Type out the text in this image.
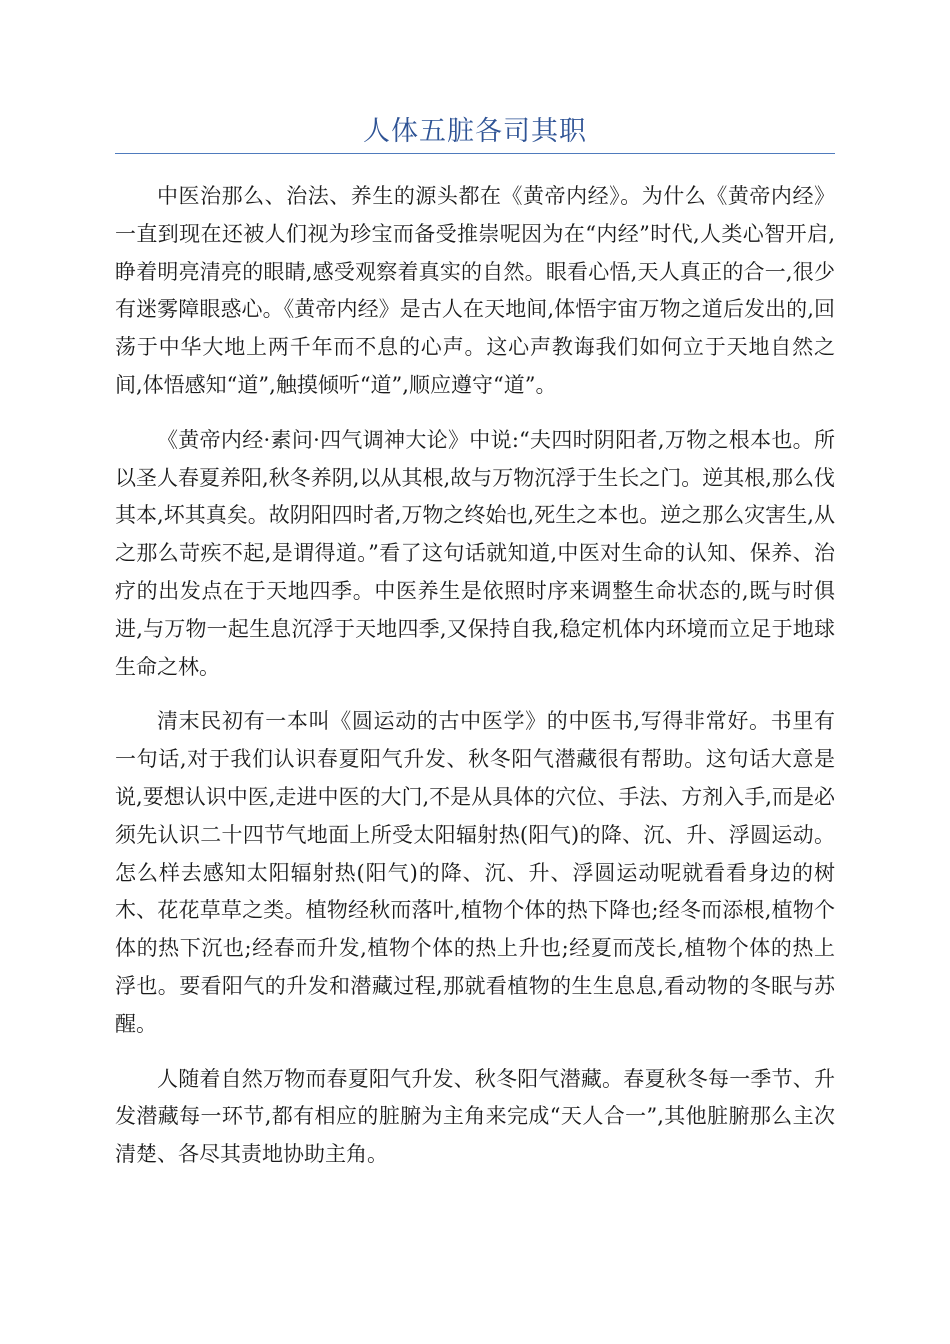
人体五脏各司其职

中医治那么、治法、养生的源头都在《黄帝内经》。为什么《黄帝内经》一直到现在还被人们视为珍宝而备受推崇呢因为在“内经”时代,人类心智开启,睁着明亮清亮的眼睛,感受观察着真实的自然。眼看心悟,天人真正的合一,很少有迷雾障眼惑心。《黄帝内经》是古人在天地间,体悟宇宙万物之道后发出的,回荡于中华大地上两千年而不息的心声。这心声教诲我们如何立于天地自然之间,体悟感知“道”,触摸倾听“道”,顺应遵守“道”。

《黄帝内经·素问·四气调神大论》中说:“夫四时阴阳者,万物之根本也。所以圣人春夏养阳,秋冬养阴,以从其根,故与万物沉浮于生长之门。逆其根,那么伐其本,坏其真矣。故阴阳四时者,万物之终始也,死生之本也。逆之那么灾害生,从之那么苛疾不起,是谓得道。”看了这句话就知道,中医对生命的认知、保养、治疗的出发点在于天地四季。中医养生是依照时序来调整生命状态的,既与时俱进,与万物一起生息沉浮于天地四季,又保持自我,稳定机体内环境而立足于地球生命之林。

清末民初有一本叫《圆运动的古中医学》的中医书,写得非常好。书里有一句话,对于我们认识春夏阳气升发、秋冬阳气潜藏很有帮助。这句话大意是说,要想认识中医,走进中医的大门,不是从具体的穴位、手法、方剂入手,而是必须先认识二十四节气地面上所受太阳辐射热(阳气)的降、沉、升、浮圆运动。怎么样去感知太阳辐射热(阳气)的降、沉、升、浮圆运动呢就看看身边的树木、花花草草之类。植物经秋而落叶,植物个体的热下降也;经冬而添根,植物个体的热下沉也;经春而升发,植物个体的热上升也;经夏而茂长,植物个体的热上浮也。要看阳气的升发和潜藏过程,那就看植物的生生息息,看动物的冬眠与苏醒。

人随着自然万物而春夏阳气升发、秋冬阳气潜藏。春夏秋冬每一季节、升发潜藏每一环节,都有相应的脏腑为主角来完成“天人合一”,其他脏腑那么主次清楚、各尽其责地协助主角。
